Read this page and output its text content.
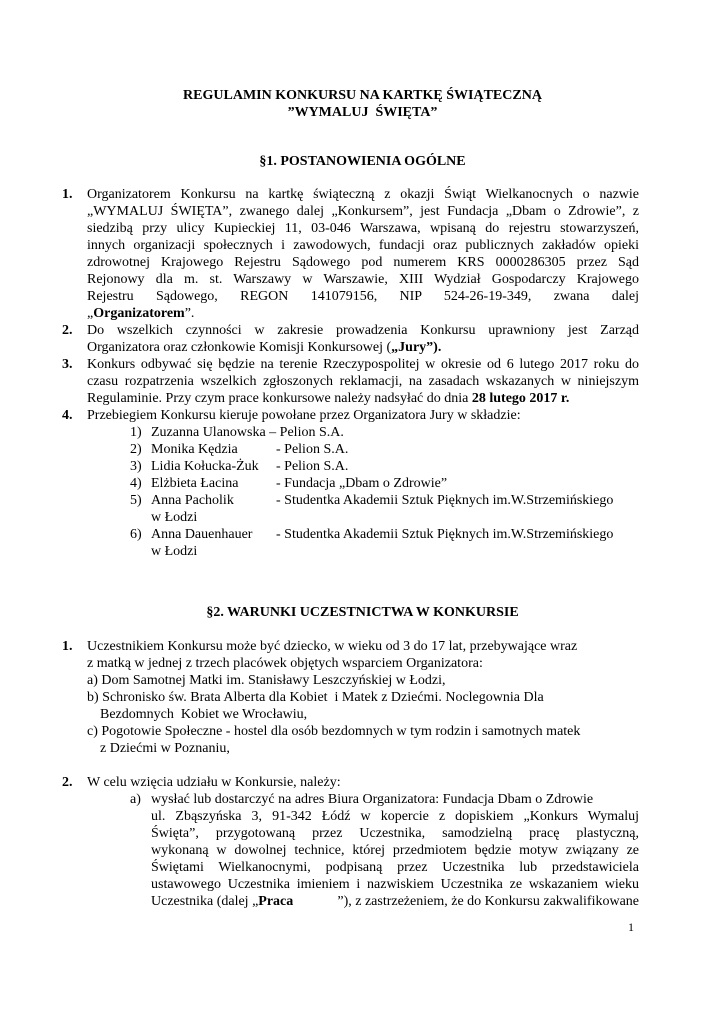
REGULAMIN KONKURSU NA KARTKĘ ŚWIĄTECZNĄ
”WYMALUJ  ŚWIĘTA”
§1. POSTANOWIENIA OGÓLNE
1. Organizatorem Konkursu na kartkę świąteczną z okazji Świąt Wielkanocnych o nazwie
„WYMALUJ ŚWIĘTA”, zwanego dalej „Konkursem”, jest Fundacja „Dbam o Zdrowie”, z
siedzibą przy ulicy Kupieckiej 11, 03-046 Warszawa, wpisaną do rejestru stowarzyszeń,
innych organizacji społecznych i zawodowych, fundacji oraz publicznych zakładów opieki
zdrowotnej Krajowego Rejestru Sądowego pod numerem KRS 0000286305 przez Sąd
Rejonowy dla m. st. Warszawy w Warszawie, XIII Wydział Gospodarczy Krajowego
Rejestru Sądowego, REGON 141079156, NIP 524-26-19-349, zwana dalej
„Organizatorem”.
2. Do wszelkich czynności w zakresie prowadzenia Konkursu uprawniony jest Zarząd
Organizatora oraz członkowie Komisji Konkursowej („Jury”).
3. Konkurs odbywać się będzie na terenie Rzeczypospolitej w okresie od 6 lutego 2017 roku do
czasu rozpatrzenia wszelkich zgłoszonych reklamacji, na zasadach wskazanych w niniejszym
Regulaminie. Przy czym prace konkursowe należy nadsyłać do dnia 28 lutego 2017 r.
4. Przebiegiem Konkursu kieruje powołane przez Organizatora Jury w składzie:
1) Zuzanna Ulanowska – Pelion S.A.
2) Monika Kędzia	- Pelion S.A.
3) Lidia Kołucka-Żuk - Pelion S.A.
4) Elżbieta Łacina	- Fundacja „Dbam o Zdrowie”
5) Anna Pacholik	- Studentka Akademii Sztuk Pięknych im.W.Strzemińskiego
w Łodzi
6) Anna Dauenhauer - Studentka Akademii Sztuk Pięknych im.W.Strzemińskiego
w Łodzi
§2. WARUNKI UCZESTNICTWA W KONKURSIE
1. Uczestnikiem Konkursu może być dziecko, w wieku od 3 do 17 lat, przebywające wraz
z matką w jednej z trzech placówek objętych wsparciem Organizatora:
a) Dom Samotnej Matki im. Stanisławy Leszczyńskiej w Łodzi,
b) Schronisko św. Brata Alberta dla Kobiet  i Matek z Dziećmi. Noclegownia Dla
Bezdomnych  Kobiet we Wrocławiu,
c) Pogotowie Społeczne - hostel dla osób bezdomnych w tym rodzin i samotnych matek
z Dziećmi w Poznaniu,
2. W celu wzięcia udziału w Konkursie, należy:
a) wysłać lub dostarczyć na adres Biura Organizatora: Fundacja Dbam o Zdrowie
ul. Zbąszyńska 3, 91-342 Łódź w kopercie z dopiskiem „Konkurs Wymaluj
Święta”, przygotowaną przez Uczestnika, samodzielną pracę plastyczną,
wykonaną w dowolnej technice, której przedmiotem będzie motyw związany ze
Świętami Wielkanocnymi, podpisaną przez Uczestnika lub przedstawiciela
ustawowego Uczestnika imieniem i nazwiskiem Uczestnika ze wskazaniem wieku
Uczestnika (dalej „Praca	”), z zastrzeżeniem, że do Konkursu zakwalifikowane
1
